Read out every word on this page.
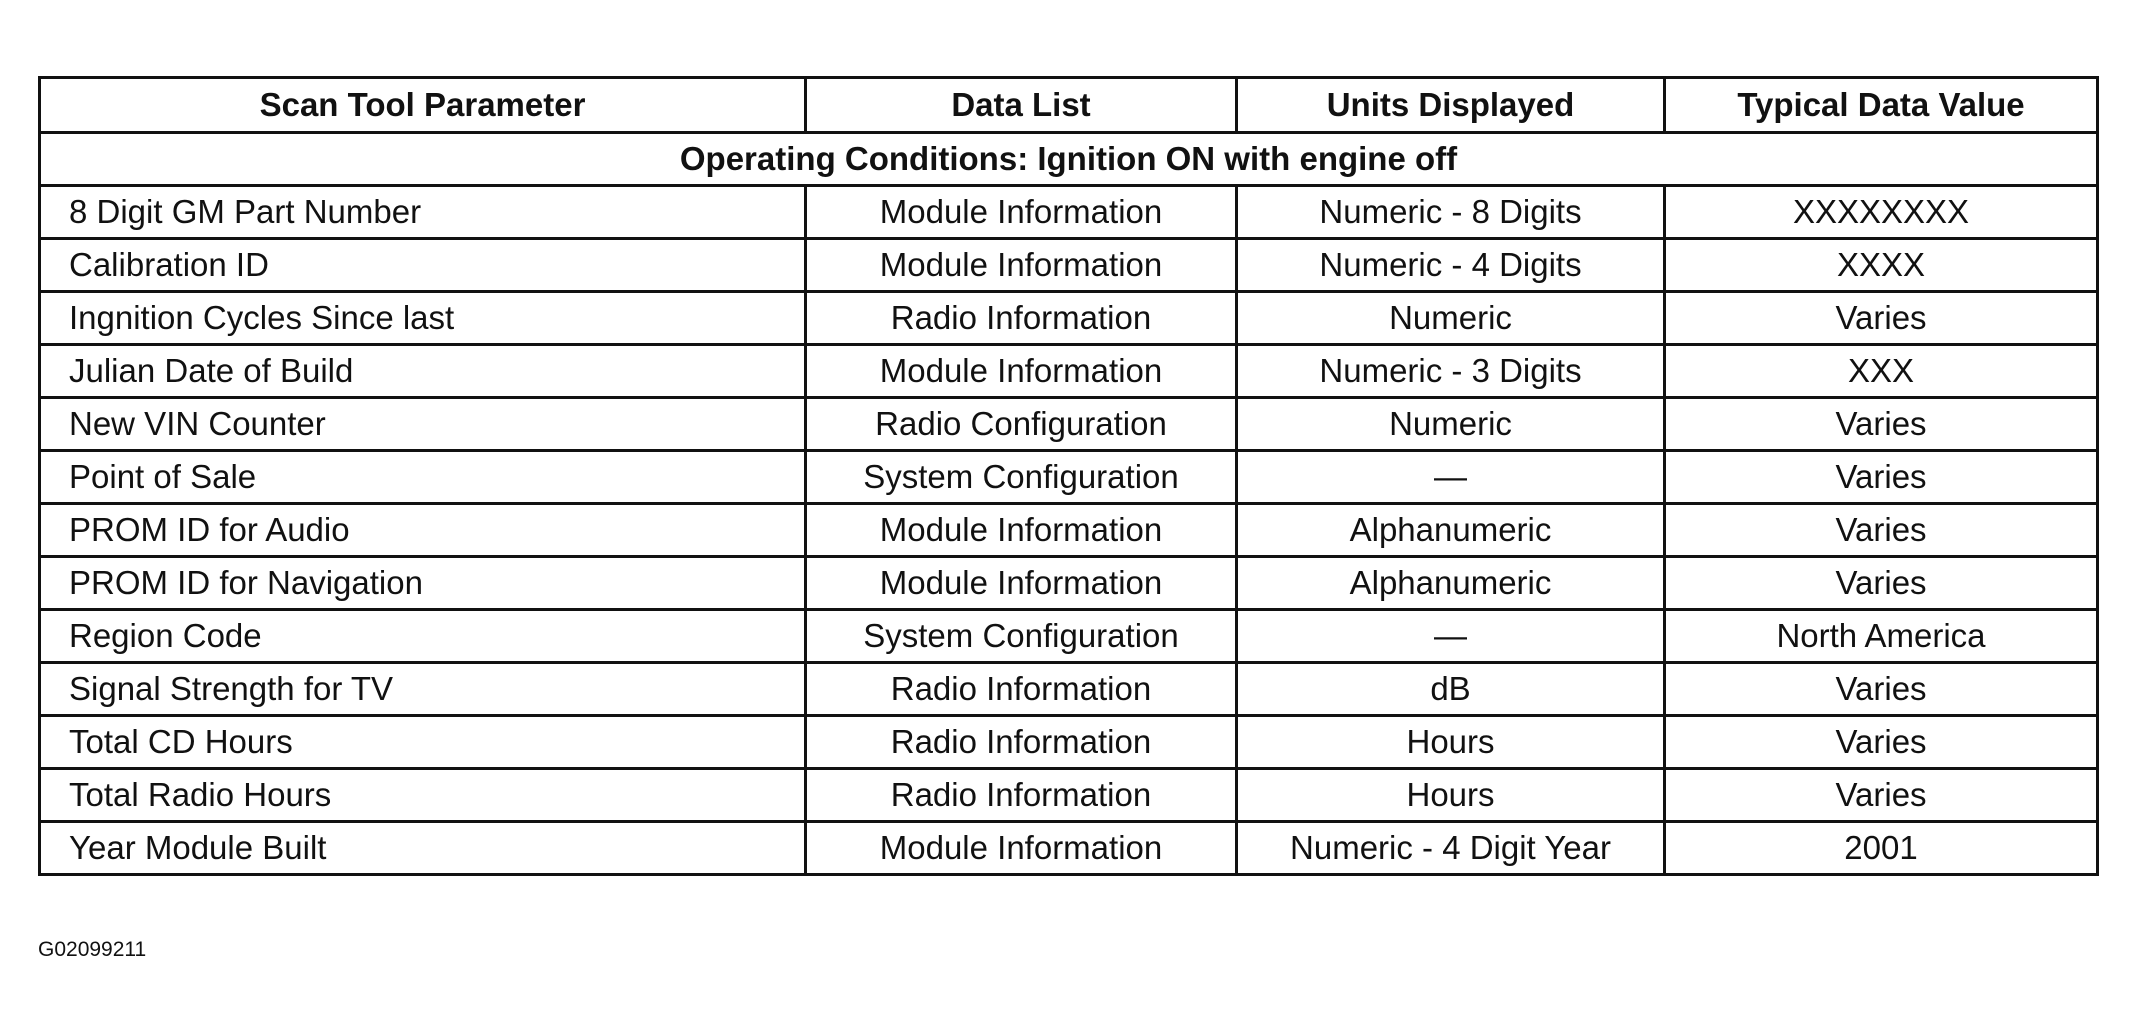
Scan Tool Parameter	Data List	Units Displayed	Typical Data Value
Operating Conditions: Ignition ON with engine off			
8 Digit GM Part Number	Module Information	Numeric - 8 Digits	XXXXXXXX
Calibration ID	Module Information	Numeric - 4 Digits	XXXX
Ingnition Cycles Since last	Radio Information	Numeric	Varies
Julian Date of Build	Module Information	Numeric - 3 Digits	XXX
New VIN Counter	Radio Configuration	Numeric	Varies
Point of Sale	System Configuration	—	Varies
PROM ID for Audio	Module Information	Alphanumeric	Varies
PROM ID for Navigation	Module Information	Alphanumeric	Varies
Region Code	System Configuration	—	North America
Signal Strength for TV	Radio Information	dB	Varies
Total CD Hours	Radio Information	Hours	Varies
Total Radio Hours	Radio Information	Hours	Varies
Year Module Built	Module Information	Numeric - 4 Digit Year	2001
G02099211
